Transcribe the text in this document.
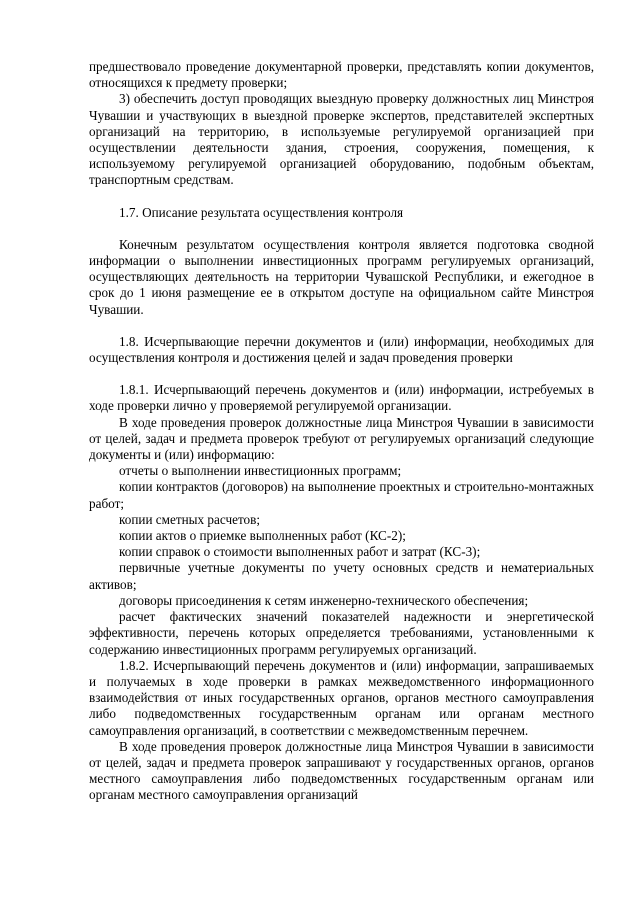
предшествовало проведение документарной проверки, представлять копии документов, относящихся к предмету проверки;

3) обеспечить доступ проводящих выездную проверку должностных лиц Минстроя Чувашии и участвующих в выездной проверке экспертов, представителей экспертных организаций на территорию, в используемые регулируемой организацией при осуществлении деятельности здания, строения, сооружения, помещения, к используемому регулируемой организацией оборудованию, подобным объектам, транспортным средствам.

1.7. Описание результата осуществления контроля

Конечным результатом осуществления контроля является подготовка сводной информации о выполнении инвестиционных программ регулируемых организаций, осуществляющих деятельность на территории Чувашской Республики, и ежегодное в срок до 1 июня размещение ее в открытом доступе на официальном сайте Минстроя Чувашии.

1.8. Исчерпывающие перечни документов и (или) информации, необходимых для осуществления контроля и достижения целей и задач проведения проверки

1.8.1. Исчерпывающий перечень документов и (или) информации, истребуемых в ходе проверки лично у проверяемой регулируемой организации.

В ходе проведения проверок должностные лица Минстроя Чувашии в зависимости от целей, задач и предмета проверок требуют от регулируемых организаций следующие документы и (или) информацию:

отчеты о выполнении инвестиционных программ;

копии контрактов (договоров) на выполнение проектных и строительно-монтажных работ;

копии сметных расчетов;

копии актов о приемке выполненных работ (КС-2);

копии справок о стоимости выполненных работ и затрат (КС-3);

первичные учетные документы по учету основных средств и нематериальных активов;

договоры присоединения к сетям инженерно-технического обеспечения;

расчет фактических значений показателей надежности и энергетической эффективности, перечень которых определяется требованиями, установленными к содержанию инвестиционных программ регулируемых организаций.

1.8.2. Исчерпывающий перечень документов и (или) информации, запрашиваемых и получаемых в ходе проверки в рамках межведомственного информационного взаимодействия от иных государственных органов, органов местного самоуправления либо подведомственных государственным органам или органам местного самоуправления организаций, в соответствии с межведомственным перечнем.

В ходе проведения проверок должностные лица Минстроя Чувашии в зависимости от целей, задач и предмета проверок запрашивают у государственных органов, органов местного самоуправления либо подведомственных государственным органам или органам местного самоуправления организаций
